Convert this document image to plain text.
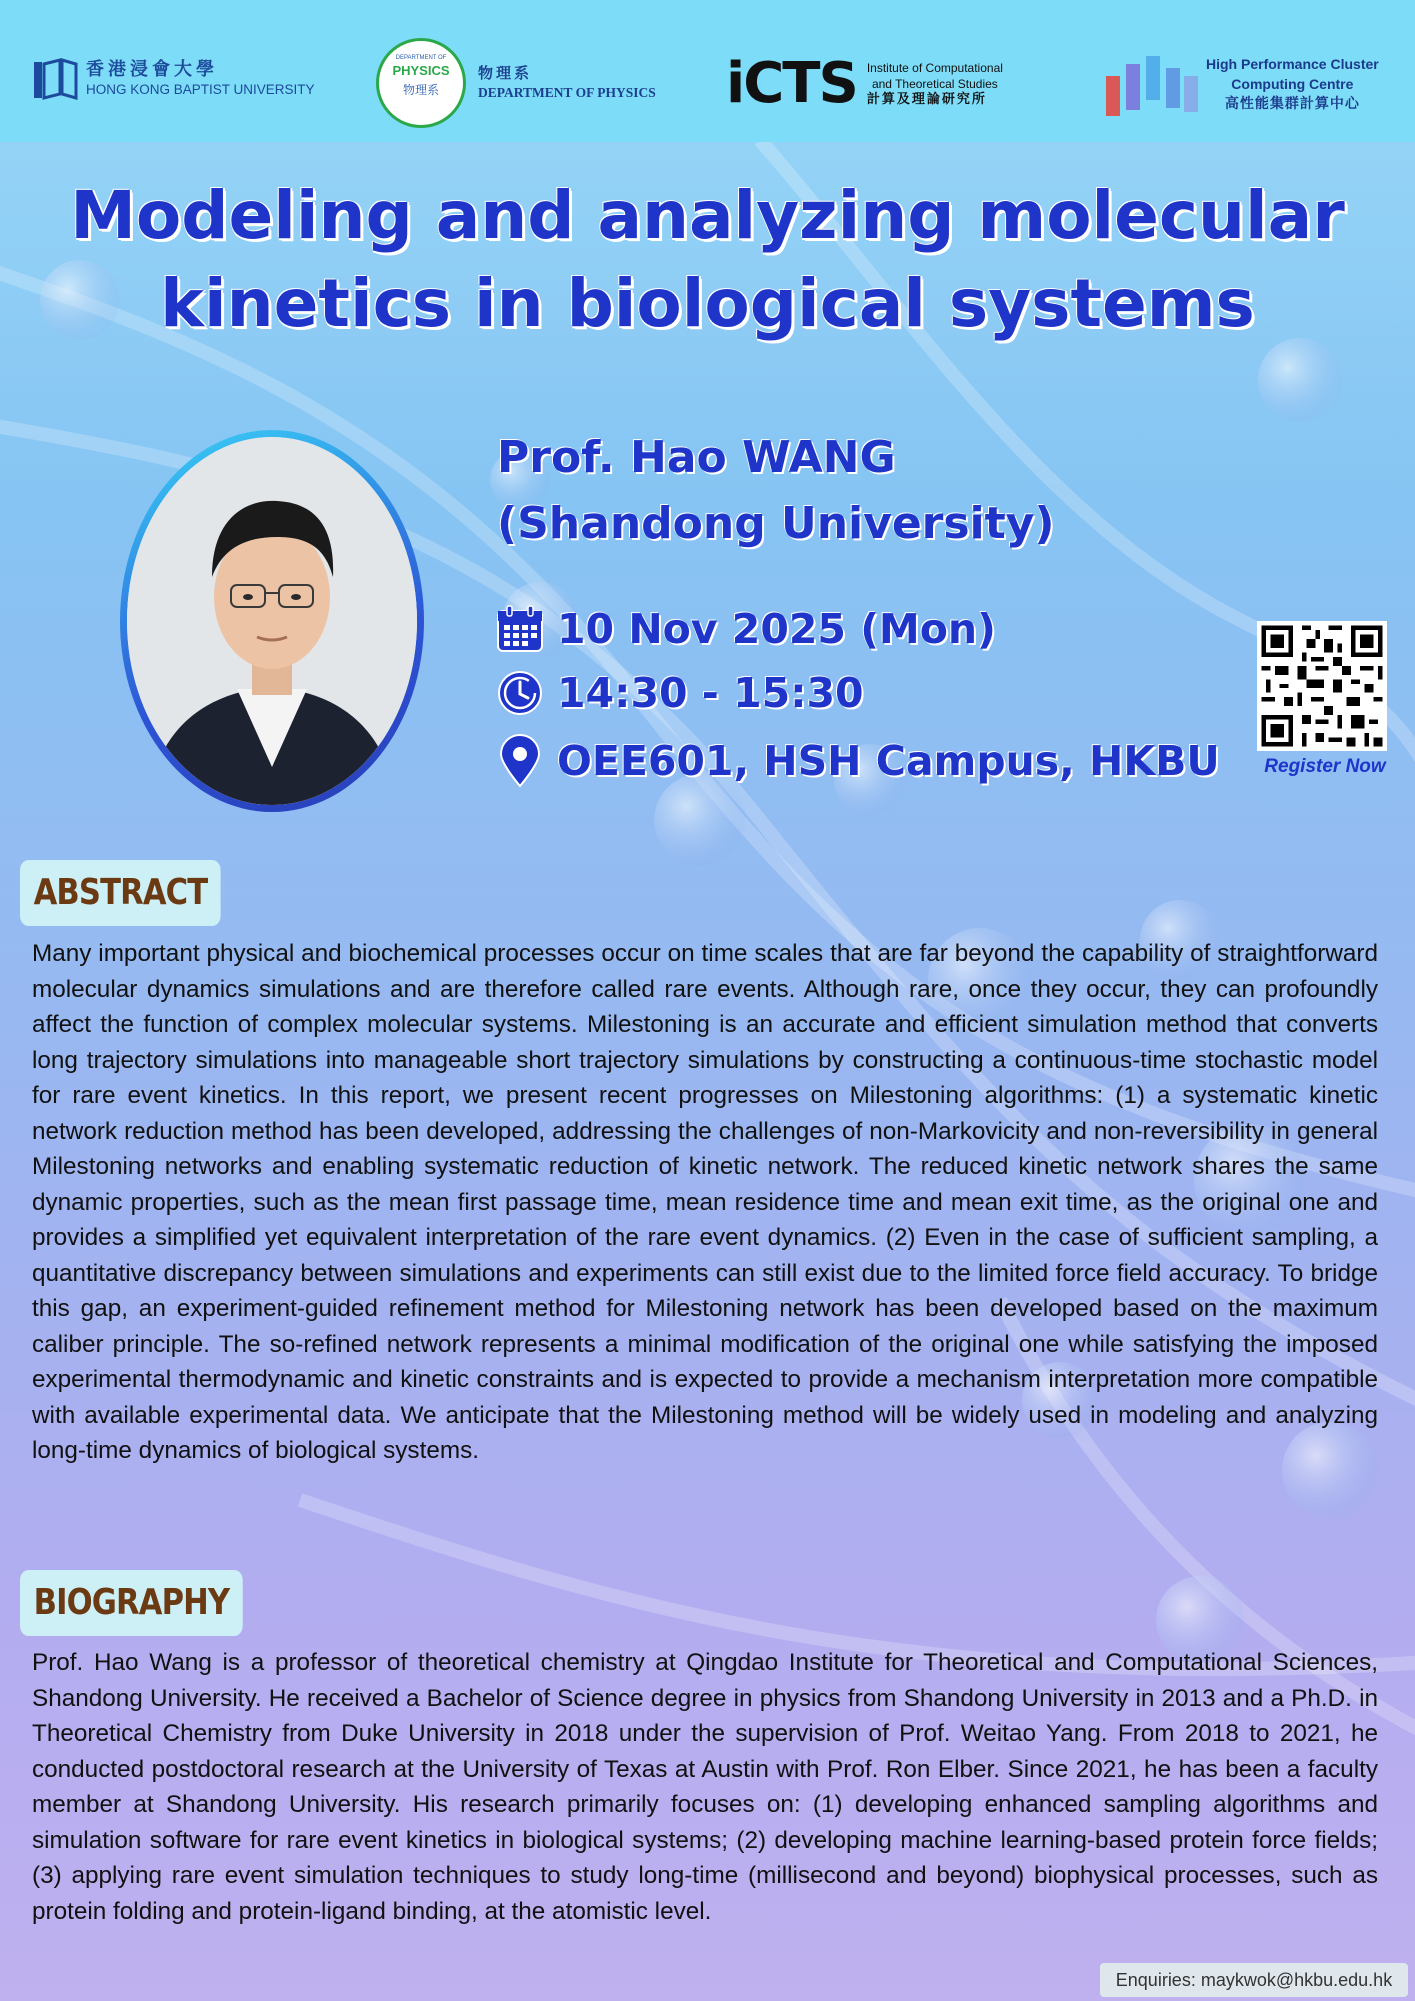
香港浸會大學
HONG KONG BAPTIST UNIVERSITY
DEPARTMENT OF
PHYSICS
物理系
物理系
DEPARTMENT OF PHYSICS iCTS Institute of Computational
and Theoretical Studies
計算及理論研究所
High Performance Cluster
Computing Centre
高性能集群計算中心
Modeling and analyzing molecular
kinetics in biological systems
Prof. Hao WANG
(Shandong University)
10 Nov 2025 (Mon)
14:30 - 15:30
OEE601, HSH Campus, HKBU	Register Now
ABSTRACT

Many important physical and biochemical processes occur on time scales that are far beyond the capability of straightforward molecular dynamics simulations and are therefore called rare events. Although rare, once they occur, they can profoundly affect the function of complex molecular systems. Milestoning is an accurate and efficient simulation method that converts long trajectory simulations into manageable short trajectory simulations by constructing a continuous-time stochastic model for rare event kinetics. In this report, we present recent progresses on Milestoning algorithms: (1) a systematic kinetic network reduction method has been developed, addressing the challenges of non-Markovicity and non-reversibility in general Milestoning networks and enabling systematic reduction of kinetic network. The reduced kinetic network shares the same dynamic properties, such as the mean first passage time, mean residence time and mean exit time, as the original one and provides a simplified yet equivalent interpretation of the rare event dynamics. (2) Even in the case of sufficient sampling, a quantitative discrepancy between simulations and experiments can still exist due to the limited force field accuracy. To bridge this gap, an experiment-guided refinement method for Milestoning network has been developed based on the maximum caliber principle. The so-refined network represents a minimal modification of the original one while satisfying the imposed experimental thermodynamic and kinetic constraints and is expected to provide a mechanism interpretation more compatible with available experimental data. We anticipate that the Milestoning method will be widely used in modeling and analyzing long-time dynamics of biological systems.

BIOGRAPHY

Prof. Hao Wang is a professor of theoretical chemistry at Qingdao Institute for Theoretical and Computational Sciences, Shandong University. He received a Bachelor of Science degree in physics from Shandong University in 2013 and a Ph.D. in Theoretical Chemistry from Duke University in 2018 under the supervision of Prof. Weitao Yang. From 2018 to 2021, he conducted postdoctoral research at the University of Texas at Austin with Prof. Ron Elber. Since 2021, he has been a faculty member at Shandong University. His research primarily focuses on: (1) developing enhanced sampling algorithms and simulation software for rare event kinetics in biological systems; (2) developing machine learning-based protein force fields; (3) applying rare event simulation techniques to study long-time (millisecond and beyond) biophysical processes, such as protein folding and protein-ligand binding, at the atomistic level.

Enquiries: maykwok@hkbu.edu.hk
